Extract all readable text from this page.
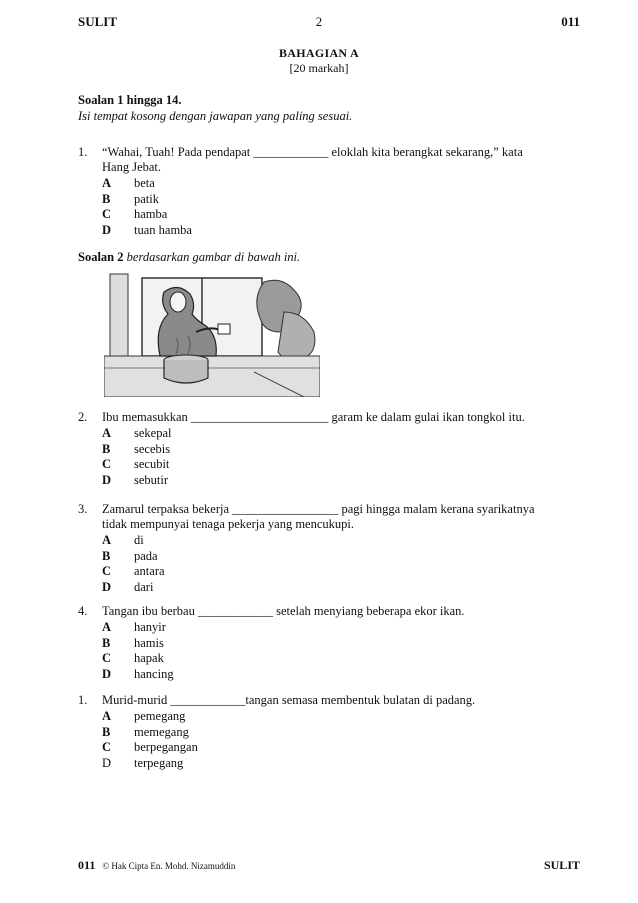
SULIT	2	011
BAHAGIAN A
[20 markah]
Soalan 1 hingga 14.
Isi tempat kosong dengan jawapan yang paling sesuai.
1. “Wahai, Tuah! Pada pendapat ____________ eloklah kita berangkat sekarang,” kata
Hang Jebat.
A beta
B patik
C hamba
D tuan hamba
Soalan 2 berdasarkan gambar di bawah ini.
2. Ibu memasukkan ______________________ garam ke dalam gulai ikan tongkol itu.
A sekepal
B secebis
C secubit
D sebutir
3. Zamarul terpaksa bekerja _________________ pagi hingga malam kerana syarikatnya
tidak mempunyai tenaga pekerja yang mencukupi.
A di
B pada
C antara
D dari
4. Tangan ibu berbau ____________ setelah menyiang beberapa ekor ikan.
A hanyir
B hamis
C hapak
D hancing
1. Murid-murid ____________tangan semasa membentuk bulatan di padang.
A pemegang
B memegang
C berpegangan
D terpegang
011 © Hak Cipta En. Mohd. Nizamuddin	SULIT
